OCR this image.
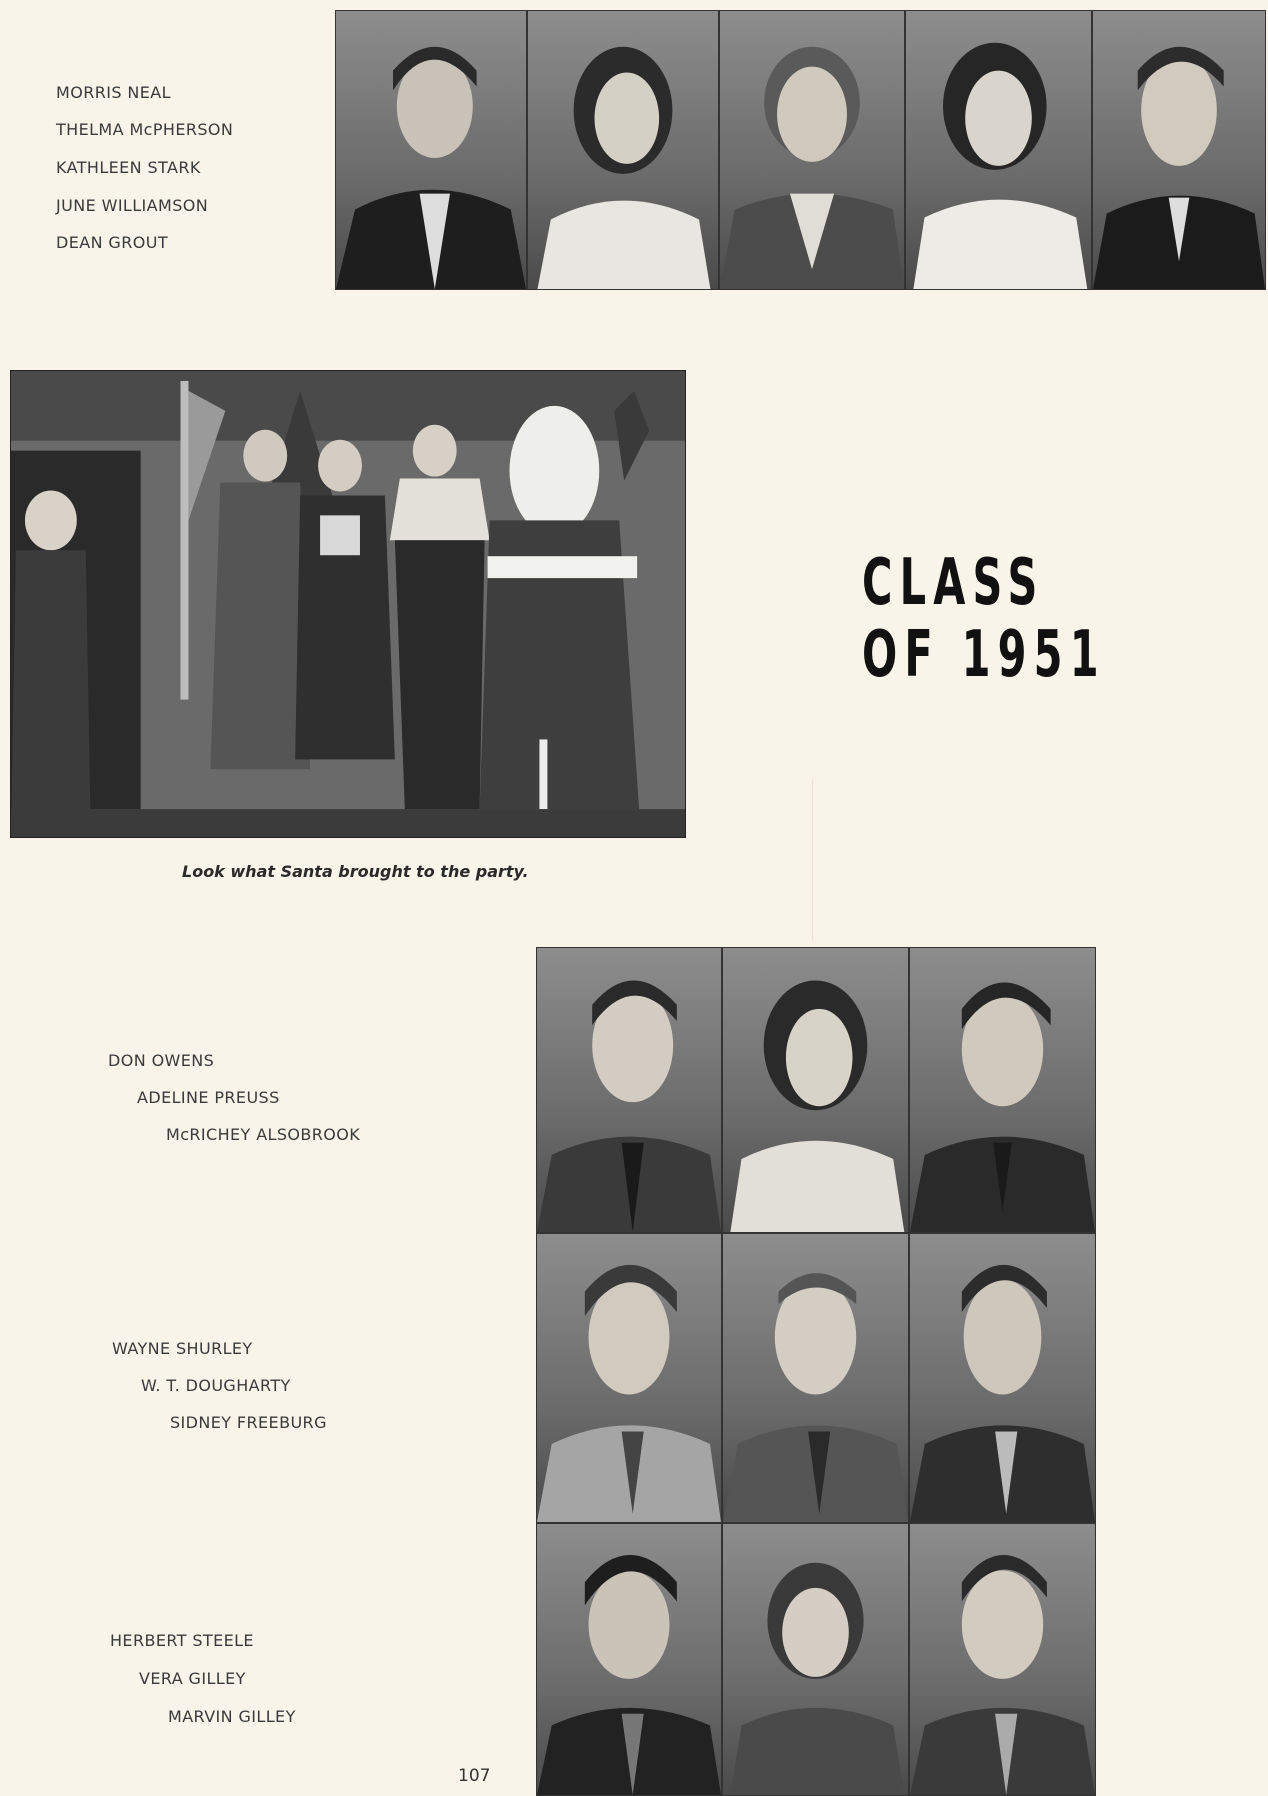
MORRIS NEAL
THELMA McPHERSON
KATHLEEN STARK
JUNE WILLIAMSON
DEAN GROUT
Look what Santa brought to the party.
CLASS
OF 1951
DON OWENS
ADELINE PREUSS
McRICHEY ALSOBROOK
WAYNE SHURLEY
W. T. DOUGHARTY
SIDNEY FREEBURG
HERBERT STEELE
VERA GILLEY
MARVIN GILLEY
107
